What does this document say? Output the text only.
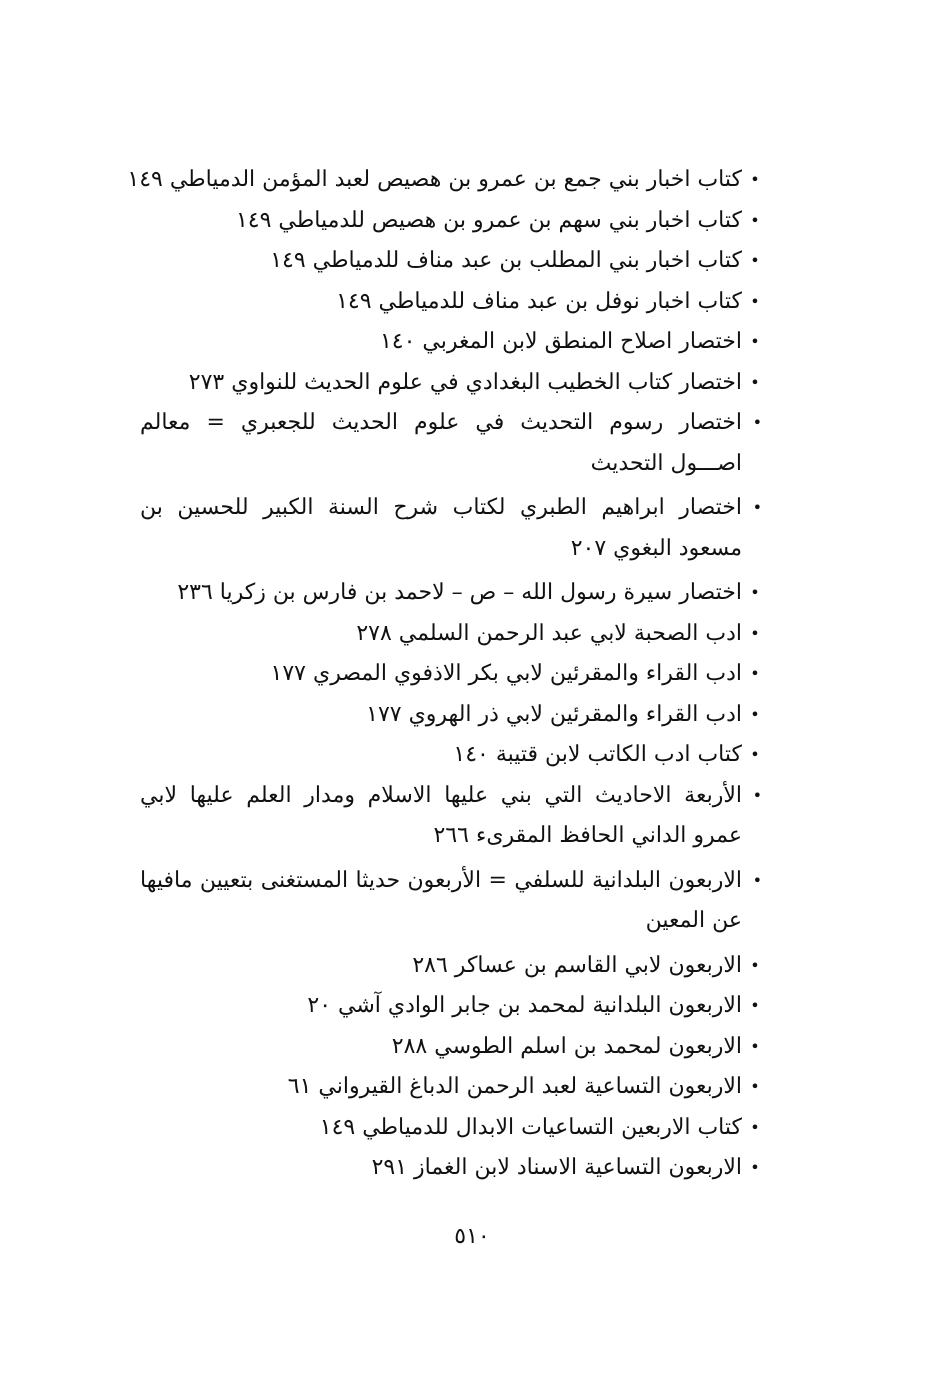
•
كتاب اخبار بني جمع بن عمرو بن هصيص لعبد المؤمن الدمياطي ١٤٩
•
كتاب اخبار بني سهم بن عمرو بن هصيص للدمياطي ١٤٩
•
كتاب اخبار بني المطلب بن عبد مناف للدمياطي ١٤٩
•
كتاب اخبار نوفل بن عبد مناف للدمياطي ١٤٩
•
اختصار اصلاح المنطق لابن المغربي ١٤٠
•
اختصار كتاب الخطيب البغدادي في علوم الحديث للنواوي ٢٧٣
•
اختصار رسوم التحديث في علوم الحديث للجعبري = معالم اصـــول التحديث
•
اختصار ابراهيم الطبري لكتاب شرح السنة الكبير للحسين بن مسعود البغوي ٢٠٧
•
اختصار سيرة رسول الله – ص – لاحمد بن فارس بن زكريا ٢٣٦
•
ادب الصحبة لابي عبد الرحمن السلمي ٢٧٨
•
ادب القراء والمقرئين لابي بكر الاذفوي المصري ١٧٧
•
ادب القراء والمقرئين لابي ذر الهروي ١٧٧
•
كتاب ادب الكاتب لابن قتيبة ١٤٠
•
الأربعة الاحاديث التي بني عليها الاسلام ومدار العلم عليها لابي عمرو الداني الحافظ المقرىء ٢٦٦
•
الاربعون البلدانية للسلفي = الأربعون حديثا المستغنى بتعيين مافيها عن المعين
•
الاربعون لابي القاسم بن عساكر ٢٨٦
•
الاربعون البلدانية لمحمد بن جابر الوادي آشي ٢٠
•
الاربعون لمحمد بن اسلم الطوسي ٢٨٨
•
الاربعون التساعية لعبد الرحمن الدباغ القيرواني ٦١
•
كتاب الاربعين التساعيات الابدال للدمياطي ١٤٩
•
الاربعون التساعية الاسناد لابن الغماز ٢٩١
٥١٠
